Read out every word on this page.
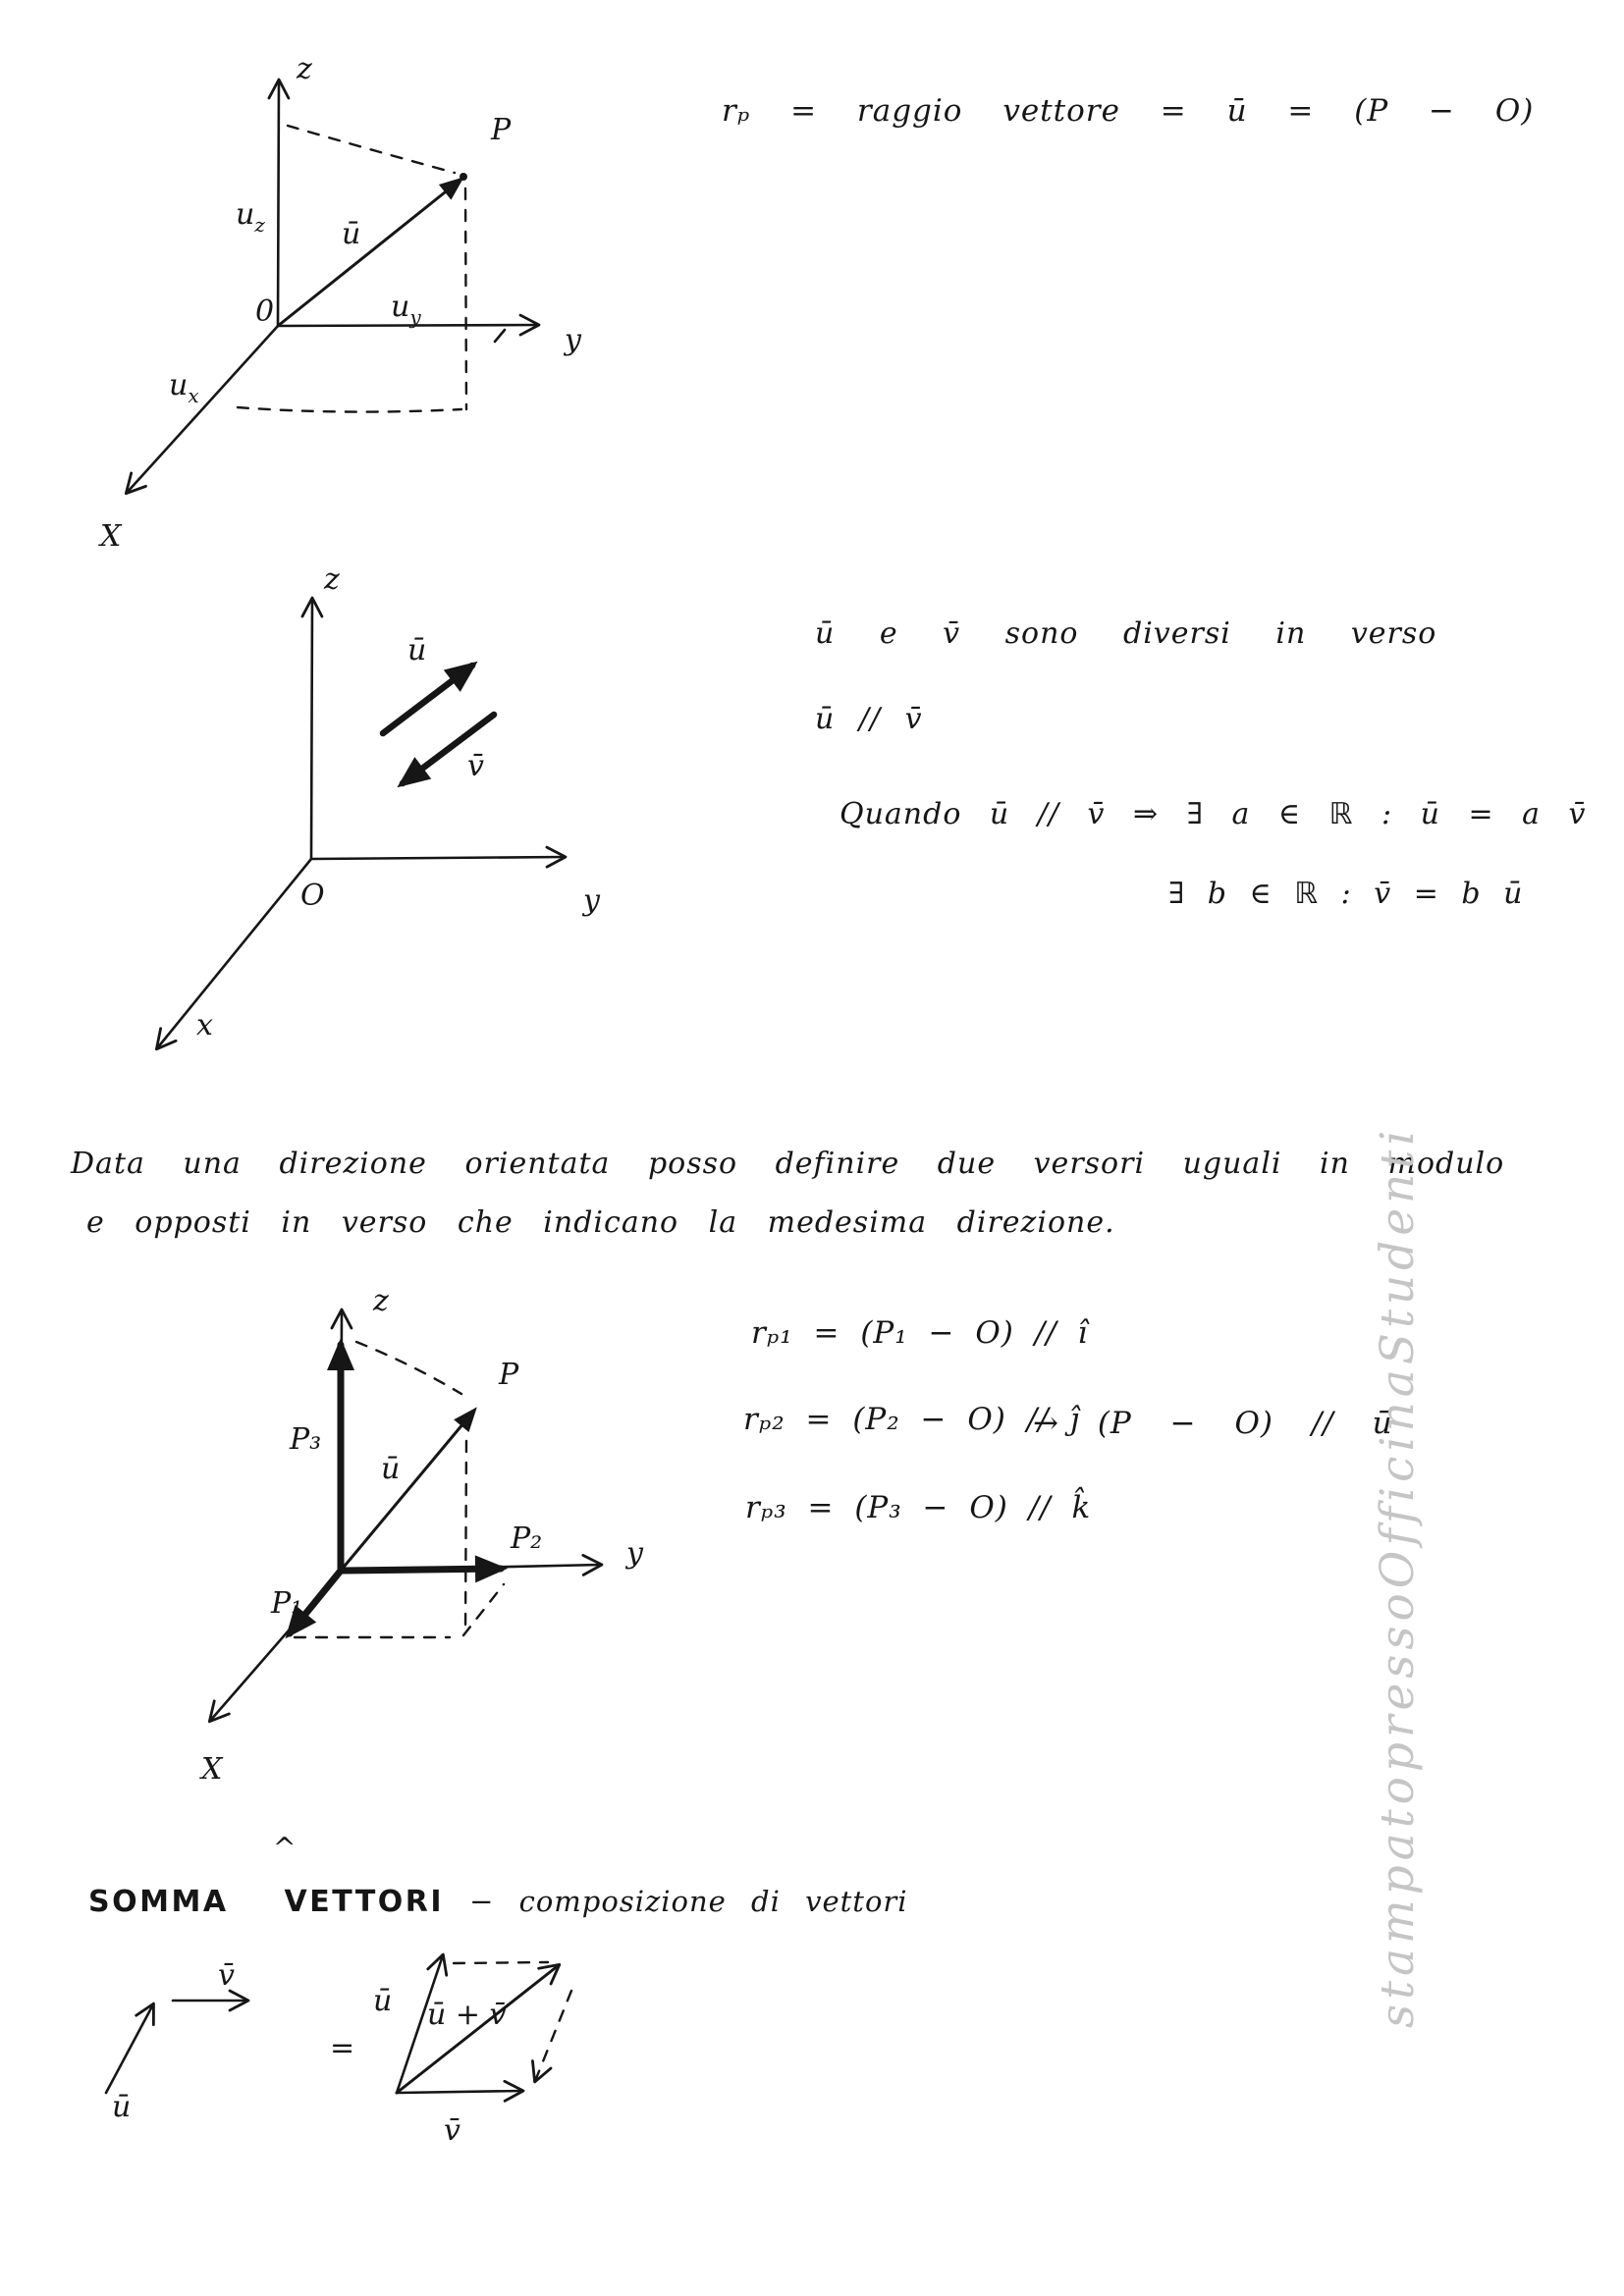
z
P
ū
0
$u_z$
$u_y$
$u_x$
y
X
rₚ = raggio vettore = ū = (P − O)
z
ū
v̄
O	y
x
ū e v̄ sono diversi in verso
ū // v̄
Quando ū // v̄ ⇒ ∃ a ∈ ℝ : ū = a v̄
∃ b ∈ ℝ : v̄ = b ū
Data una direzione orientata posso definire due versori uguali in modulo
e opposti in verso che indicano la medesima direzione.
z
P
P₃
ū
P₂	y
P₁
X
rₚ₁ = (P₁ − O) // î
rₚ₂ = (P₂ − O) // ĵ
→ (P − O) // ū
rₚ₃ = (P₃ − O) // k̂
^
SOMMA VETTORI − composizione di vettori
ū
v̄
=
ū ū + v̄
v̄
stampatopressoOfficinaStudenti
